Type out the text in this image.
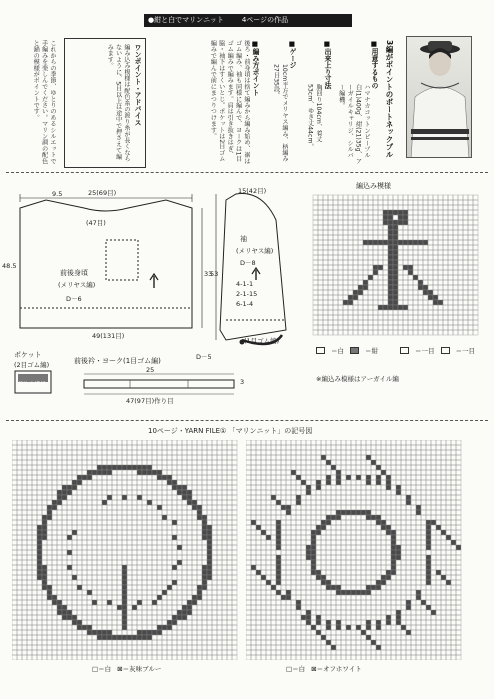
●紺と白でマリンニット	4ページの作品
3編がポイントのボートネックプル
■用意するもの
ハマナカコットンピープル 白(1)400g、紺(21)35g、アーガイルキャリジ、シルバー編機。
■出来上り寸法
胸回り104cm、着丈53cm、ゆき丈44cm。
■ゲージ
10cm平方でメリヤス編み、柄編み27目35段。
■編み方ポイント
後ろ・前身頃は捨て編みから編み始め、裾はゴム編み、袖も同様に編んで、ヨークは1目ゴム編みで編みます。肩は引き抜きはぎ、脇・袖下はすくいとじ。ポケットは2目ゴム編みで編んで前にまつりつけます。
ワンポイント・アドバイス
編み込み模様は配色糸の渡り糸が長くならないように、5目以上は途中で押さえて編みます。
これからの季節、ゆとりのあるシルエットで手編みを楽しんでください。マリン調の配色と錨の模様がポイントです。
25(69目)
9.5
(47目)
前後身頃
(メリヤス編)
D－6
49(131目)
48.5
33
ポケット
(2目ゴム編)
編込み模様
前後衿・ヨーク(1目ゴム編)
25
47(97目)作り目
D－5
3
15(42目)
袖
(メリヤス編)
D－8
4-1-1
2-1-15
6-1-4
(1目ゴム編)
53
編込み模様
＝白	＝紺	＝一目	＝一目
※編込み模様はアーガイル編
10ページ・YARN FILE① 「マリンニット」の記号図
□＝白 ⊠＝灰味ブルー	□＝白 ⊠＝オフホワイト
